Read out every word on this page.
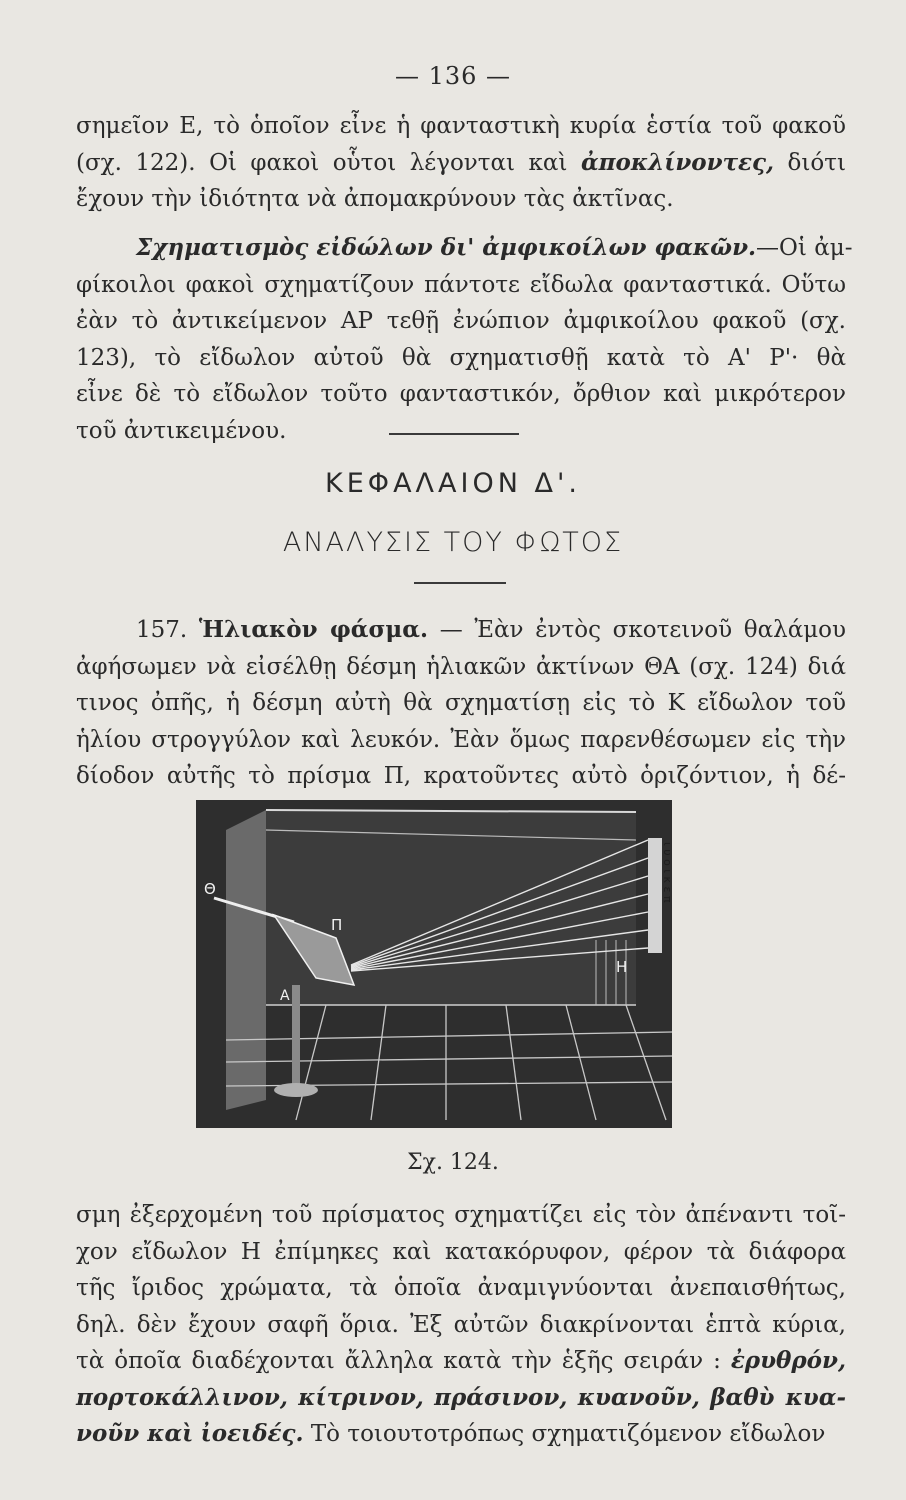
— 136 —
σημεῖον Ε, τὸ ὁποῖον εἶνε ἡ φανταστικὴ κυρία ἑστία τοῦ φακοῦ
(σχ. 122). Οἱ φακοὶ οὗτοι λέγονται καὶ ἀποκλίνοντες, διότι
ἔχουν τὴν ἰδιότητα νὰ ἀπομακρύνουν τὰς ἀκτῖνας.
Σχηματισμὸς εἰδώλων δι' ἀμφικοίλων φακῶν.—Οἱ ἀμ-
φίκοιλοι φακοὶ σχηματίζουν πάντοτε εἴδωλα φανταστικά. Οὕτω
ἐὰν τὸ ἀντικείμενον ΑΡ τεθῇ ἐνώπιον ἀμφικοίλου φακοῦ (σχ.
123), τὸ εἴδωλον αὐτοῦ θὰ σχηματισθῇ κατὰ τὸ Α' Ρ'· θὰ
εἶνε δὲ τὸ εἴδωλον τοῦτο φανταστικόν, ὄρθιον καὶ μικρότερον
τοῦ ἀντικειμένου.
ΚΕΦΑΛΑΙΟΝ Δ'.
ΑΝΑΛΥΣΙΣ ΤΟΥ ΦΩΤΟΣ
157. Ἡλιακὸν φάσμα. — Ἐὰν ἐντὸς σκοτεινοῦ θαλάμου
ἀφήσωμεν νὰ εἰσέλθῃ δέσμη ἡλιακῶν ἀκτίνων ΘΑ (σχ. 124) διά
τινος ὀπῆς, ἡ δέσμη αὐτὴ θὰ σχηματίσῃ εἰς τὸ Κ εἴδωλον τοῦ
ἡλίου στρογγύλον καὶ λευκόν. Ἐὰν ὅμως παρενθέσωμεν εἰς τὴν
δίοδον αὐτῆς τὸ πρίσμα Π, κρατοῦντες αὐτὸ ὁριζόντιον, ἡ δέ-
Θ
Π
Α
Η
ι υ ο ι κ ε π
Σχ. 124.
σμη ἐξερχομένη τοῦ πρίσματος σχηματίζει εἰς τὸν ἀπέναντι τοῖ-
χον εἴδωλον Η ἐπίμηκες καὶ κατακόρυφον, φέρον τὰ διάφορα
τῆς ἴριδος χρώματα, τὰ ὁποῖα ἀναμιγνύονται ἀνεπαισθήτως,
δηλ. δὲν ἔχουν σαφῆ ὅρια. Ἐξ αὐτῶν διακρίνονται ἑπτὰ κύρια,
τὰ ὁποῖα διαδέχονται ἄλληλα κατὰ τὴν ἑξῆς σειράν : ἐρυθρόν,
πορτοκάλλινον, κίτρινον, πράσινον, κυανοῦν, βαθὺ κυα-
νοῦν καὶ ἰοειδές. Τὸ τοιουτοτρόπως σχηματιζόμενον εἴδωλον
